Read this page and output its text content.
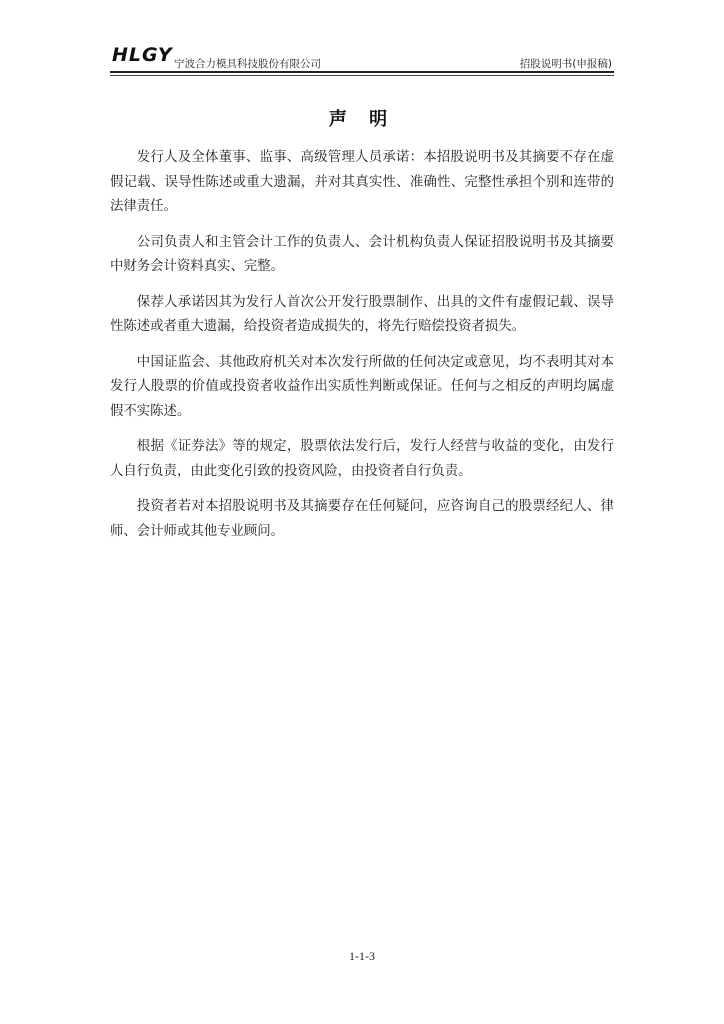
HLGY 宁波合力模具科技股份有限公司	招股说明书(申报稿)
声 明

发行人及全体董事、监事、高级管理人员承诺：本招股说明书及其摘要不存在虚假记载、误导性陈述或重大遗漏，并对其真实性、准确性、完整性承担个别和连带的法律责任。

公司负责人和主管会计工作的负责人、会计机构负责人保证招股说明书及其摘要中财务会计资料真实、完整。

保荐人承诺因其为发行人首次公开发行股票制作、出具的文件有虚假记载、误导性陈述或者重大遗漏，给投资者造成损失的，将先行赔偿投资者损失。

中国证监会、其他政府机关对本次发行所做的任何决定或意见，均不表明其对本发行人股票的价值或投资者收益作出实质性判断或保证。任何与之相反的声明均属虚假不实陈述。

根据《证券法》等的规定，股票依法发行后，发行人经营与收益的变化，由发行人自行负责，由此变化引致的投资风险，由投资者自行负责。

投资者若对本招股说明书及其摘要存在任何疑问，应咨询自己的股票经纪人、律师、会计师或其他专业顾问。

1-1-3
